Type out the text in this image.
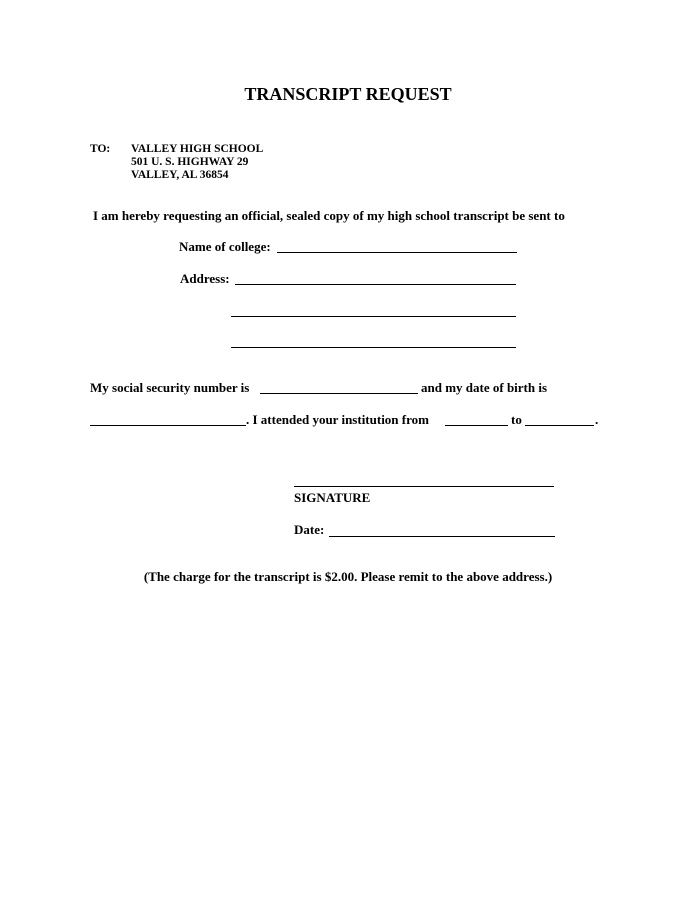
TRANSCRIPT REQUEST
TO: VALLEY HIGH SCHOOL
501 U. S. HIGHWAY 29
VALLEY, AL 36854
I am hereby requesting an official, sealed copy of my high school transcript be sent to
Name of college:
Address:
My social security number is	and my date of birth is
. I attended your institution from	to	.
SIGNATURE
Date:
(The charge for the transcript is $2.00. Please remit to the above address.)
